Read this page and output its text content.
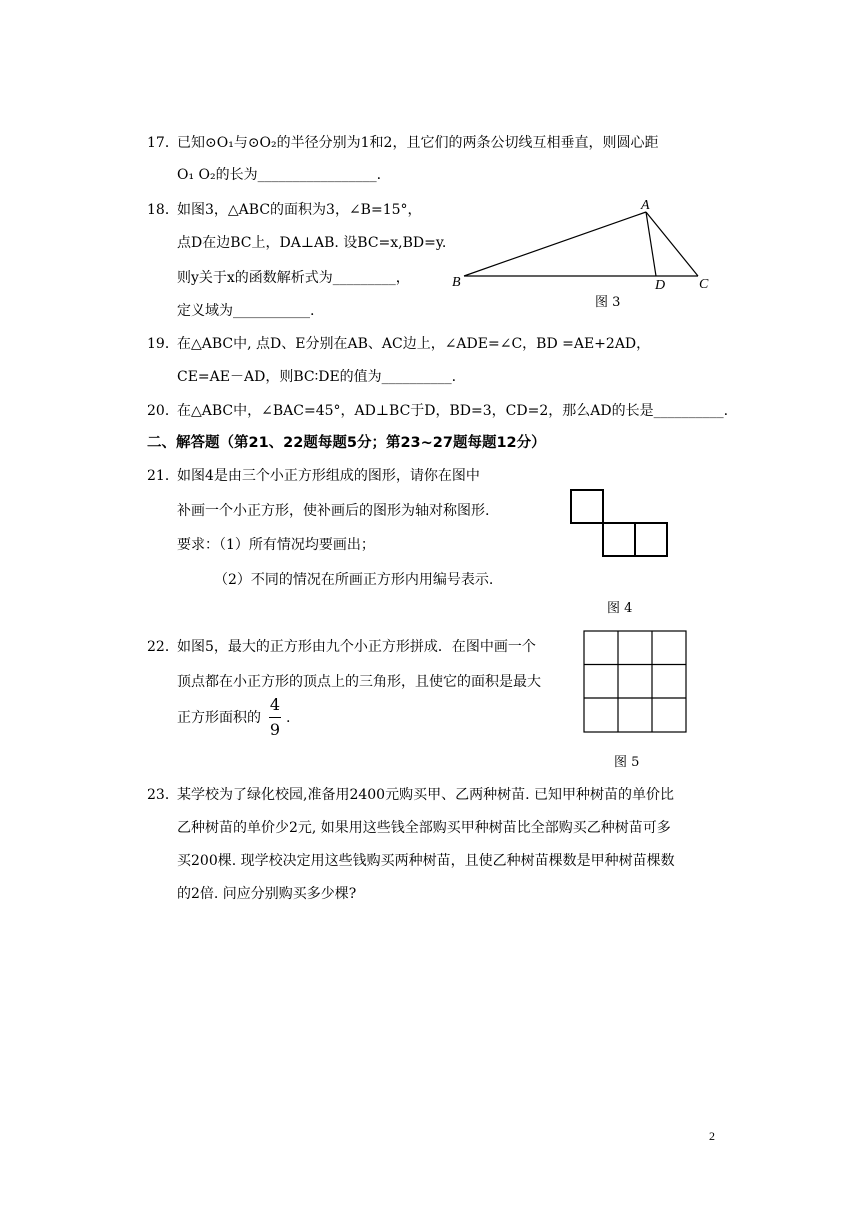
17．
已知⊙O₁与⊙O₂的半径分别为1和2，且它们的两条公切线互相垂直，则圆心距
O₁ O₂的长为_________________.
18．
如图3，△ABC的面积为3，∠B=15°，
点D在边BC上，DA⊥AB. 设BC=x,BD=y.
则y关于x的函数解析式为_________，
定义域为___________.
A
B	D C
图 3
19．
在△ABC中, 点D、E分别在AB、AC边上，∠ADE=∠C，BD =AE+2AD，
CE=AE－AD，则BC∶DE的值为__________.
20．
在△ABC中，∠BAC=45°，AD⊥BC于D，BD=3，CD=2，那么AD的长是__________.
二、解答题（第21、22题每题5分；第23~27题每题12分）
21．
如图4是由三个小正方形组成的图形，请你在图中
补画一个小正方形，使补画后的图形为轴对称图形.
要求：（1）所有情况均要画出；
（2）不同的情况在所画正方形内用编号表示.
图 4
22．
如图5，最大的正方形由九个小正方形拼成．在图中画一个
顶点都在小正方形的顶点上的三角形，且使它的面积是最大
正方形面积的
4
9
.
图 5
23．
某学校为了绿化校园,准备用2400元购买甲、乙两种树苗. 已知甲种树苗的单价比
乙种树苗的单价少2元, 如果用这些钱全部购买甲种树苗比全部购买乙种树苗可多
买200棵. 现学校决定用这些钱购买两种树苗，且使乙种树苗棵数是甲种树苗棵数
的2倍. 问应分别购买多少棵?
2
